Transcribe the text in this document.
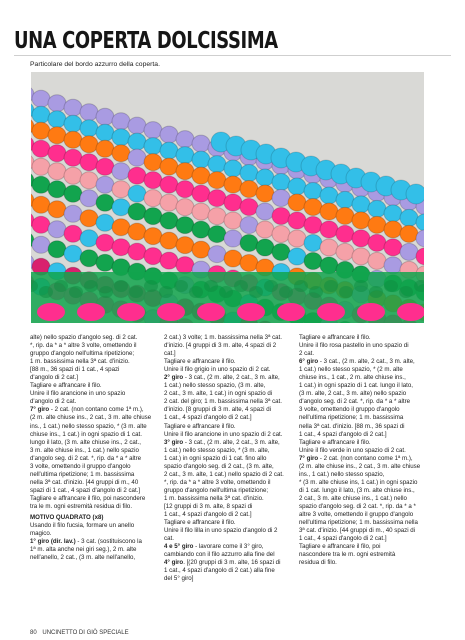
UNA COPERTA DOLCISSIMA
Particolare del bordo azzurro della coperta.

alte) nello spazio d'angolo seg. di 2 cat.

*, rip. da * a * altre 3 volte, omettendo il

gruppo d'angolo nell'ultima ripetizione;

1 m. bassissima nella 3ª cat. d'inizio.

[88 m., 36 spazi di 1 cat., 4 spazi

d'angolo di 2 cat.]

Tagliare e affrancare il filo.

Unire il filo arancione in uno spazio

d'angolo di 2 cat.

7° giro - 2 cat. (non contano come 1ª m.),

(2 m. alte chiuse ins., 2 cat., 3 m. alte chiuse

ins., 1 cat.) nello stesso spazio, * (3 m. alte

chiuse ins., 1 cat.) in ogni spazio di 1 cat.

lungo il lato, (3 m. alte chiuse ins., 2 cat.,

3 m. alte chiuse ins., 1 cat.) nello spazio

d'angolo seg. di 2 cat. *, rip. da * a * altre

3 volte, omettendo il gruppo d'angolo

nell'ultima ripetizione; 1 m. bassissima

nella 3ª cat. d'inizio. [44 gruppi di m., 40

spazi di 1 cat., 4 spazi d'angolo di 2 cat.]

Tagliare e affrancare il filo, poi nascondere

tra le m. ogni estremità residua di filo.

MOTIVO QUADRATO (x8)

Usando il filo fucsia, formare un anello

magico.

1° giro (dir. lav.) - 3 cat. (sostituiscono la

1ª m. alta anche nei giri seg.), 2 m. alte

nell'anello, 2 cat., (3 m. alte nell'anello,

2 cat.) 3 volte; 1 m. bassissima nella 3ª cat.

d'inizio. [4 gruppi di 3 m. alte, 4 spazi di 2 cat.]

Tagliare e affrancare il filo.

Unire il filo grigio in uno spazio di 2 cat.

2° giro - 3 cat., (2 m. alte, 2 cat., 3 m. alte,

1 cat.) nello stesso spazio, (3 m. alte,

2 cat., 3 m. alte, 1 cat.) in ogni spazio di

2 cat. del giro; 1 m. bassissima nella 3ª cat.

d'inizio. [8 gruppi di 3 m. alte, 4 spazi di

1 cat., 4 spazi d'angolo di 2 cat.]

Tagliare e affrancare il filo.

Unire il filo arancione in uno spazio di 2 cat.

3° giro - 3 cat., (2 m. alte, 2 cat., 3 m. alte,

1 cat.) nello stesso spazio, * (3 m. alte,

1 cat.) in ogni spazio di 1 cat. fino allo

spazio d'angolo seg. di 2 cat., (3 m. alte,

2 cat., 3 m. alte, 1 cat.) nello spazio di 2 cat.

*, rip. da * a * altre 3 volte, omettendo il

gruppo d'angolo nell'ultima ripetizione;

1 m. bassissima nella 3ª cat. d'inizio.

[12 gruppi di 3 m. alte, 8 spazi di

1 cat., 4 spazi d'angolo di 2 cat.]

Tagliare e affrancare il filo.

Unire il filo lilla in uno spazio d'angolo di 2 cat.

4 e 5° giro - lavorare come il 3° giro,

cambiando con il filo azzurro alla fine del

4° giro. [(20 gruppi di 3 m. alte, 16 spazi di

1 cat., 4 spazi d'angolo di 2 cat.) alla fine

del 5° giro]

Tagliare e affrancare il filo.

Unire il filo rosa pastello in uno spazio di

2 cat.

6° giro - 3 cat., (2 m. alte, 2 cat., 3 m. alte,

1 cat.) nello stesso spazio, * (2 m. alte

chiuse ins., 1 cat., 2 m. alte chiuse ins.,

1 cat.) in ogni spazio di 1 cat. lungo il lato,

(3 m. alte, 2 cat., 3 m. alte) nello spazio

d'angolo seg. di 2 cat. *, rip. da * a * altre

3 volte, omettendo il gruppo d'angolo

nell'ultima ripetizione; 1 m. bassissima

nella 3ª cat. d'inizio. [88 m., 36 spazi di

1 cat., 4 spazi d'angolo di 2 cat.]

Tagliare e affrancare il filo.

Unire il filo verde in uno spazio di 2 cat.

7° giro - 2 cat. (non contano come 1ª m.),

(2 m. alte chiuse ins., 2 cat., 3 m. alte chiuse

ins., 1 cat.) nello stesso spazio,

* (3 m. alte chiuse ins, 1 cat.) in ogni spazio

di 1 cat. lungo il lato, (3 m. alte chiuse ins.,

2 cat., 3 m. alte chiuse ins., 1 cat.) nello

spazio d'angolo seg. di 2 cat. *, rip. da * a *

altre 3 volte, omettendo il gruppo d'angolo

nell'ultima ripetizione; 1 m. bassissima nella

3ª cat. d'inizio. [44 gruppi di m., 40 spazi di

1 cat., 4 spazi d'angolo di 2 cat.]

Tagliare e affrancare il filo, poi

nascondere tra le m. ogni estremità

residua di filo.

80 UNCINETTO DI GIÒ SPECIALE
